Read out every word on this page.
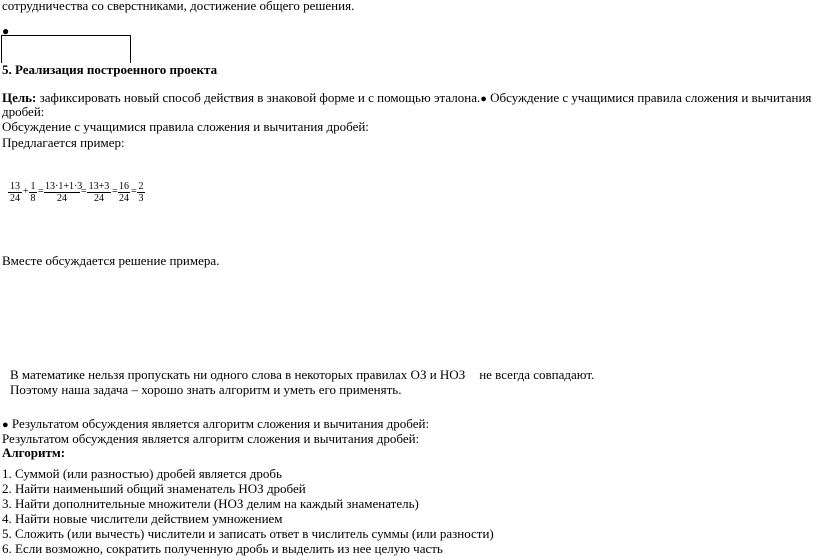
сотрудничества со сверстниками, достижение общего решения.
●
5. Реализация построенного проекта
Цель: зафиксировать новый способ действия в знаковой форме и с помощью эталона.● Обсуждение с учащимися правила сложения и вычитания
дробей:
Обсуждение с учащимися правила сложения и вычитания дробей:
Предлагается пример:
$\frac{13}{24} + \frac{1}{8} = \frac{13\cdot 1+1\cdot 3}{24} = \frac{13+3}{24} = \frac{16}{24} = \frac{2}{3}$
Вместе обсуждается решение примера.
В математике нельзя пропускать ни одного слова в некоторых правилах ОЗ и НОЗ не всегда совпадают.
Поэтому наша задача – хорошо знать алгоритм и уметь его применять.
● Результатом обсуждения является алгоритм сложения и вычитания дробей:
Результатом обсуждения является алгоритм сложения и вычитания дробей:
Алгоритм:
1. Суммой (или разностью) дробей является дробь
2. Найти наименьший общий знаменатель НОЗ дробей
3. Найти дополнительные множители (НОЗ делим на каждый знаменатель)
4. Найти новые числители действием умножением
5. Сложить (или вычесть) числители и записать ответ в числитель суммы (или разности)
6. Если возможно, сократить полученную дробь и выделить из нее целую часть
